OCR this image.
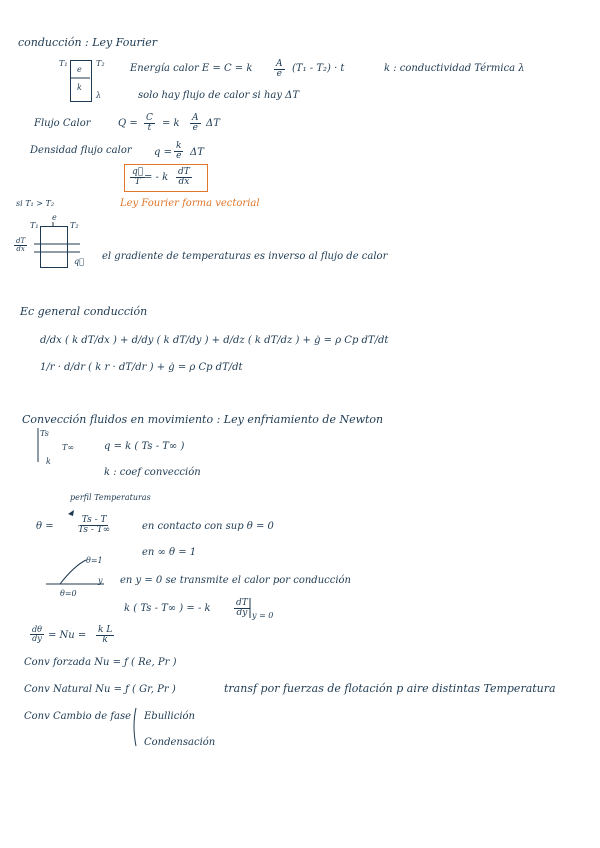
conducción : Ley Fourier
T₁	T₂
e
k
λ
Energía calor E = C = k $\frac{A}{e} (T_1 - T_2) \cdot t$	k : conductividad Térmica λ
solo hay flujo de calor si hay ΔT
Flujo Calor	$Q = \frac{C}{t} = k \frac{A}{e}$ ΔT
Densidad flujo calor $q = \frac{k}{e}$ ΔT
$\frac{q⃗}{T}$
= - k $\frac{dT}{dx}$
Ley Fourier forma vectorial
si T₁ > T₂
T₁
e
T₂
$\frac{dT}{dx}$
q⃗ el gradiente de temperaturas es inverso al flujo de calor
Ec general conducción
d/dx ( k dT/dx ) + d/dy ( k dT/dy ) + d/dz ( k dT/dz ) + ġ = ρ Cp dT/dt
1/r · d/dr ( k r · dT/dr ) + ġ = ρ Cp dT/dt
Convección fluidos en movimiento : Ley enfriamiento de Newton
Ts
T∞
k
q = k ( Ts - T∞ )
k : coef convección
perfil Temperaturas
$\theta = \frac{Ts - T}{Ts - T\infty}$	en contacto con sup θ = 0
en ∞ θ = 1
θ=1
y
θ=0
en y = 0 se transmite el calor por conducción
k ( Ts - T∞ ) = - k	$\frac{dT}{dy}$ y = 0
$\frac{d\theta}{dy} = Nu = \frac{\text{k L}}{k}$
Conv forzada Nu = ƒ ( Re, Pr )
Conv Natural Nu = ƒ ( Gr, Pr )	transf por fuerzas de flotación p aire distintas Temperatura
Conv Cambio de fase Ebullición
Condensación
